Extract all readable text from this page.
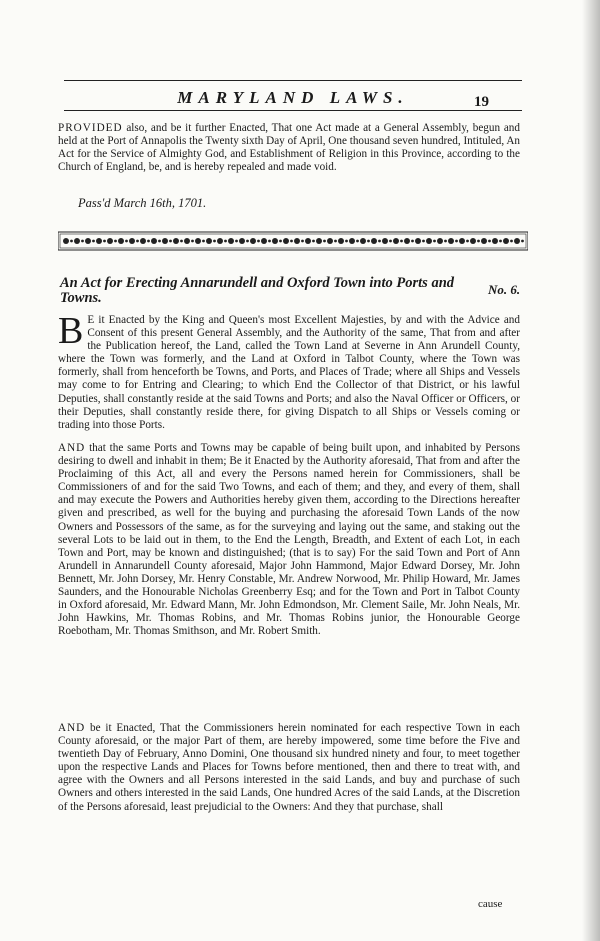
MARYLAND LAWS.	19
PROVIDED also, and be it further Enacted, That one Act made at a General Assembly, begun and held at the Port of Annapolis the Twenty sixth Day of April, One thousand seven hundred, Intituled, An Act for the Service of Almighty God, and Establishment of Religion in this Province, according to the Church of England, be, and is hereby repealed and made void.
Pass'd March 16th, 1701.
An Act for Erecting Annarundell and Oxford Town into Ports and Towns.
No. 6.
B E it Enacted by the King and Queen's most Excellent Majesties, by and with the Advice and Consent of this present General Assembly, and the Authority of the same, That from and after the Publication hereof, the Land, called the Town Land at Severne in Ann Arundell County, where the Town was formerly, and the Land at Oxford in Talbot County, where the Town was formerly, shall from henceforth be Towns, and Ports, and Places of Trade; where all Ships and Vessels may come to for Entring and Clearing; to which End the Collector of that District, or his lawful Deputies, shall constantly reside at the said Towns and Ports; and also the Naval Officer or Officers, or their Deputies, shall constantly reside there, for giving Dispatch to all Ships or Vessels coming or trading into those Ports.
AND that the same Ports and Towns may be capable of being built upon, and inhabited by Persons desiring to dwell and inhabit in them; Be it Enacted by the Authority aforesaid, That from and after the Proclaiming of this Act, all and every the Persons named herein for Commissioners, shall be Commissioners of and for the said Two Towns, and each of them; and they, and every of them, shall and may execute the Powers and Authorities hereby given them, according to the Directions hereafter given and prescribed, as well for the buying and purchasing the aforesaid Town Lands of the now Owners and Possessors of the same, as for the surveying and laying out the same, and staking out the several Lots to be laid out in them, to the End the Length, Breadth, and Extent of each Lot, in each Town and Port, may be known and distinguished; (that is to say) For the said Town and Port of Ann Arundell in Annarundell County aforesaid, Major John Hammond, Major Edward Dorsey, Mr. John Bennett, Mr. John Dorsey, Mr. Henry Constable, Mr. Andrew Norwood, Mr. Philip Howard, Mr. James Saunders, and the Honourable Nicholas Greenberry Esq; and for the Town and Port in Talbot County in Oxford aforesaid, Mr. Edward Mann, Mr. John Edmondson, Mr. Clement Saile, Mr. John Neals, Mr. John Hawkins, Mr. Thomas Robins, and Mr. Thomas Robins junior, the Honourable George Roebotham, Mr. Thomas Smithson, and Mr. Robert Smith.
AND be it Enacted, That the Commissioners herein nominated for each respective Town in each County aforesaid, or the major Part of them, are hereby impowered, some time before the Five and twentieth Day of February, Anno Domini, One thousand six hundred ninety and four, to meet together upon the respective Lands and Places for Towns before mentioned, then and there to treat with, and agree with the Owners and all Persons interested in the said Lands, and buy and purchase of such Owners and others interested in the said Lands, One hundred Acres of the said Lands, at the Discretion of the Persons aforesaid, least prejudicial to the Owners: And they that purchase, shall
cause
